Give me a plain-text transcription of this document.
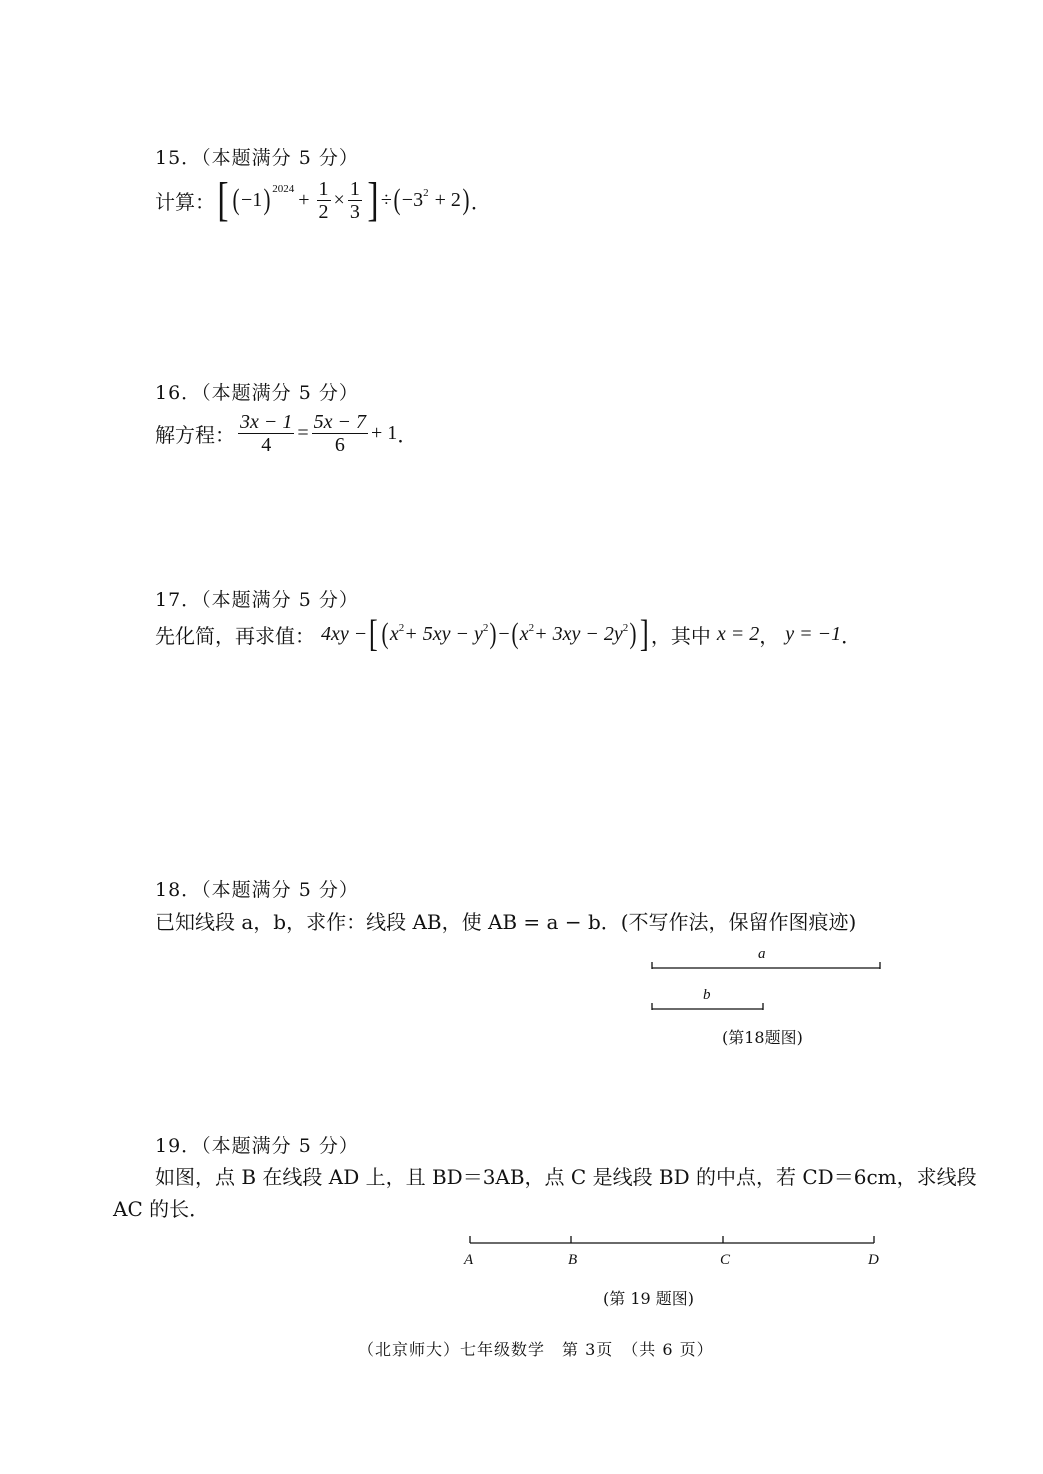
15．（本题满分 5 分）
计算： [ ( −1 )$^{2024} + \frac{1}{2} \times \frac{1}{3}$ ] ÷ ( $-3^2 + 2$ ) ．
16．（本题满分 5 分）
解方程： $\frac{3x - 1}{4} = \frac{5x - 7}{6} + 1$ ．
17．（本题满分 5 分）
先化简，再求值： 4xy − [ ( $x^2 + 5xy - y^2$ ) − ( $x^2 + 3xy - 2y^2$ ) ] ，其中 x = 2 ， y = −1 ．
18．（本题满分 5 分）
已知线段 a，b，求作：线段 AB，使 AB = a − b．(不写作法，保留作图痕迹)
a
b
(第18题图)
19．（本题满分 5 分）
如图，点 B 在线段 AD 上，且 BD＝3AB，点 C 是线段 BD 的中点，若 CD＝6cm，求线段
AC 的长．
A	B	C	D
(第 19 题图)
（北京师大）七年级数学　第 3页　（共 6 页）
